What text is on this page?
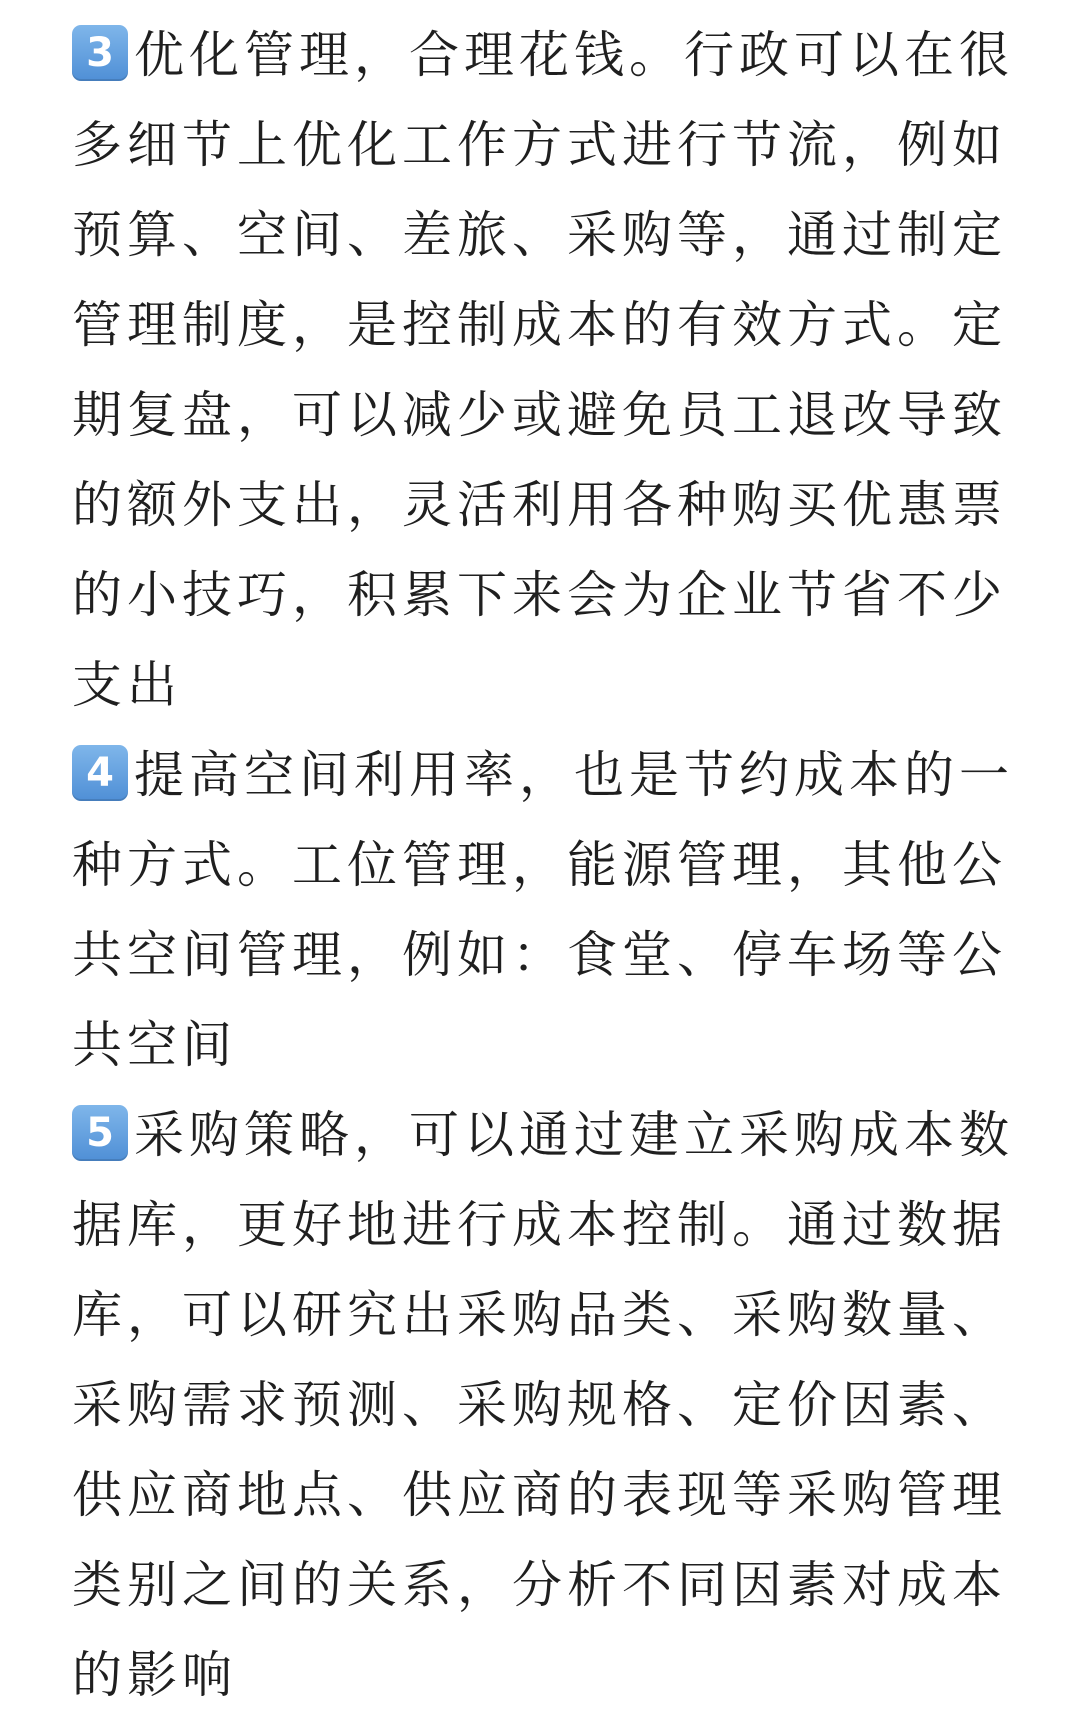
3 优化管理，合理花钱。行政可以在很多细节上优化工作方式进行节流，例如预算、空间、差旅、采购等，通过制定管理制度，是控制成本的有效方式。定期复盘，可以减少或避免员工退改导致的额外支出，灵活利用各种购买优惠票的小技巧，积累下来会为企业节省不少支出

4 提高空间利用率，也是节约成本的一种方式。工位管理，能源管理，其他公共空间管理，例如：食堂、停车场等公共空间

5 采购策略，可以通过建立采购成本数据库，更好地进行成本控制。通过数据库，可以研究出采购品类、采购数量、采购需求预测、采购规格、定价因素、供应商地点、供应商的表现等采购管理类别之间的关系，分析不同因素对成本的影响
